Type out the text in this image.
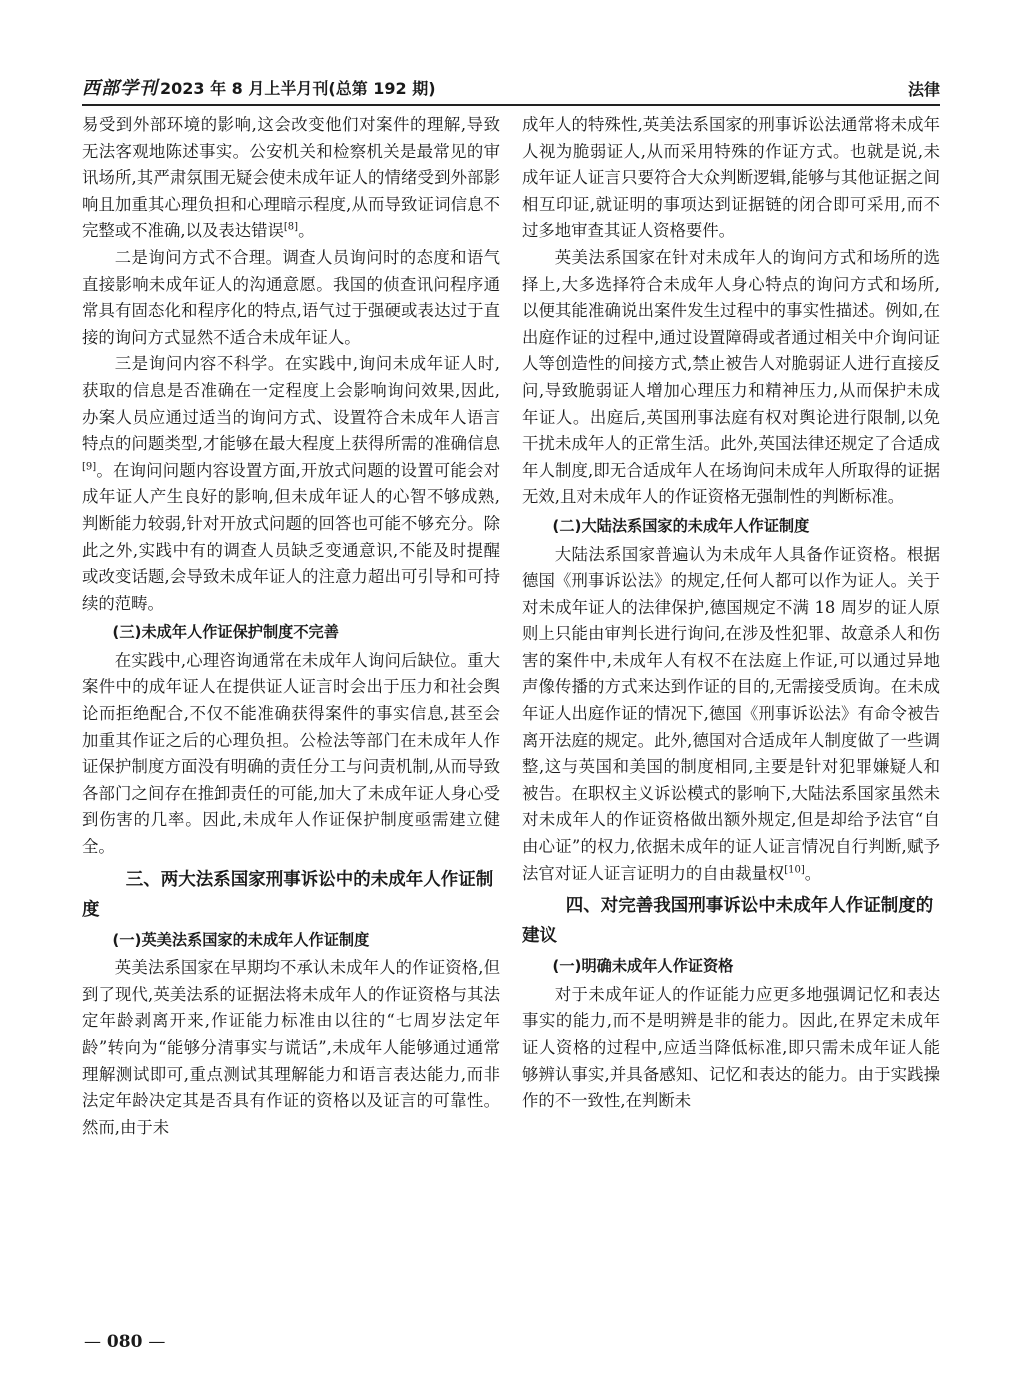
西部学刊 2023 年 8 月上半月刊(总第 192 期)	法律

易受到外部环境的影响,这会改变他们对案件的理解,导致无法客观地陈述事实。公安机关和检察机关是最常见的审讯场所,其严肃氛围无疑会使未成年证人的情绪受到外部影响且加重其心理负担和心理暗示程度,从而导致证词信息不完整或不准确,以及表达错误[8]。

二是询问方式不合理。调查人员询问时的态度和语气直接影响未成年证人的沟通意愿。我国的侦查讯问程序通常具有固态化和程序化的特点,语气过于强硬或表达过于直接的询问方式显然不适合未成年证人。

三是询问内容不科学。在实践中,询问未成年证人时,获取的信息是否准确在一定程度上会影响询问效果,因此,办案人员应通过适当的询问方式、设置符合未成年人语言特点的问题类型,才能够在最大程度上获得所需的准确信息[9]。在询问问题内容设置方面,开放式问题的设置可能会对成年证人产生良好的影响,但未成年证人的心智不够成熟,判断能力较弱,针对开放式问题的回答也可能不够充分。除此之外,实践中有的调查人员缺乏变通意识,不能及时提醒或改变话题,会导致未成年证人的注意力超出可引导和可持续的范畴。

(三)未成年人作证保护制度不完善

在实践中,心理咨询通常在未成年人询问后缺位。重大案件中的成年证人在提供证人证言时会出于压力和社会舆论而拒绝配合,不仅不能准确获得案件的事实信息,甚至会加重其作证之后的心理负担。公检法等部门在未成年人作证保护制度方面没有明确的责任分工与问责机制,从而导致各部门之间存在推卸责任的可能,加大了未成年证人身心受到伤害的几率。因此,未成年人作证保护制度亟需建立健全。

三、两大法系国家刑事诉讼中的未成年人作证制度
(一)英美法系国家的未成年人作证制度

英美法系国家在早期均不承认未成年人的作证资格,但到了现代,英美法系的证据法将未成年人的作证资格与其法定年龄剥离开来,作证能力标准由以往的“七周岁法定年龄”转向为“能够分清事实与谎话”,未成年人能够通过通常理解测试即可,重点测试其理解能力和语言表达能力,而非法定年龄决定其是否具有作证的资格以及证言的可靠性。然而,由于未

成年人的特殊性,英美法系国家的刑事诉讼法通常将未成年人视为脆弱证人,从而采用特殊的作证方式。也就是说,未成年证人证言只要符合大众判断逻辑,能够与其他证据之间相互印证,就证明的事项达到证据链的闭合即可采用,而不过多地审查其证人资格要件。

英美法系国家在针对未成年人的询问方式和场所的选择上,大多选择符合未成年人身心特点的询问方式和场所,以便其能准确说出案件发生过程中的事实性描述。例如,在出庭作证的过程中,通过设置障碍或者通过相关中介询问证人等创造性的间接方式,禁止被告人对脆弱证人进行直接反问,导致脆弱证人增加心理压力和精神压力,从而保护未成年证人。出庭后,英国刑事法庭有权对舆论进行限制,以免干扰未成年人的正常生活。此外,英国法律还规定了合适成年人制度,即无合适成年人在场询问未成年人所取得的证据无效,且对未成年人的作证资格无强制性的判断标准。

(二)大陆法系国家的未成年人作证制度

大陆法系国家普遍认为未成年人具备作证资格。根据德国《刑事诉讼法》的规定,任何人都可以作为证人。关于对未成年证人的法律保护,德国规定不满 18 周岁的证人原则上只能由审判长进行询问,在涉及性犯罪、故意杀人和伤害的案件中,未成年人有权不在法庭上作证,可以通过异地声像传播的方式来达到作证的目的,无需接受质询。在未成年证人出庭作证的情况下,德国《刑事诉讼法》有命令被告离开法庭的规定。此外,德国对合适成年人制度做了一些调整,这与英国和美国的制度相同,主要是针对犯罪嫌疑人和被告。在职权主义诉讼模式的影响下,大陆法系国家虽然未对未成年人的作证资格做出额外规定,但是却给予法官“自由心证”的权力,依据未成年的证人证言情况自行判断,赋予法官对证人证言证明力的自由裁量权[10]。

四、对完善我国刑事诉讼中未成年人作证制度的建议
(一)明确未成年人作证资格

对于未成年证人的作证能力应更多地强调记忆和表达事实的能力,而不是明辨是非的能力。因此,在界定未成年证人资格的过程中,应适当降低标准,即只需未成年证人能够辨认事实,并具备感知、记忆和表达的能力。由于实践操作的不一致性,在判断未

— 080 —
